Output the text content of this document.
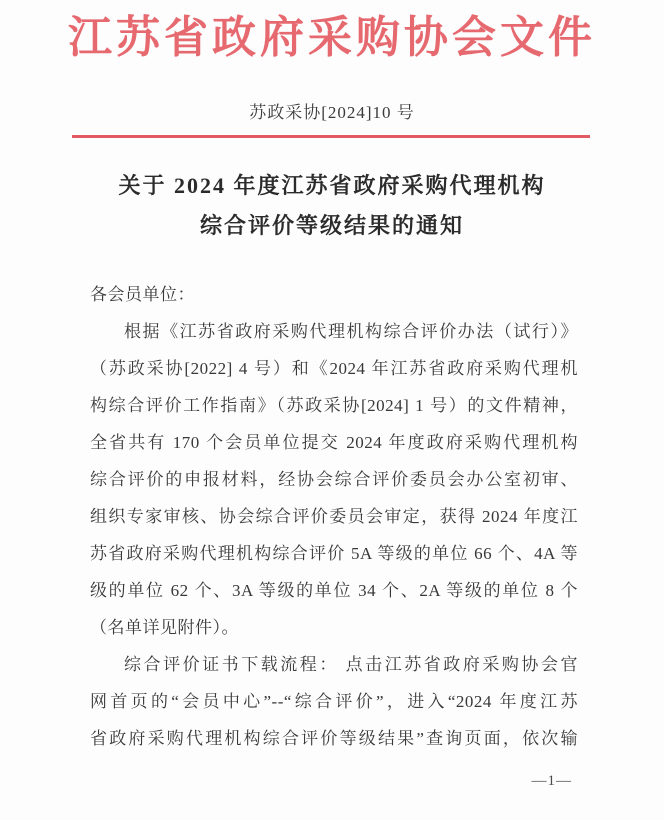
江苏省政府采购协会文件
苏政采协[2024]10 号
关于 2024 年度江苏省政府采购代理机构
综合评价等级结果的通知
各会员单位：
根据《江苏省政府采购代理机构综合评价办法（试行）》
（苏政采协[2022] 4 号）和《2024 年江苏省政府采购代理机
构综合评价工作指南》（苏政采协[2024] 1 号）的文件精神，
全省共有 170 个会员单位提交 2024 年度政府采购代理机构
综合评价的申报材料，经协会综合评价委员会办公室初审、
组织专家审核、协会综合评价委员会审定，获得 2024 年度江
苏省政府采购代理机构综合评价 5A 等级的单位 66 个、4A 等
级的单位 62 个、3A 等级的单位 34 个、2A 等级的单位 8 个
（名单详见附件）。
综合评价证书下载流程： 点击江苏省政府采购协会官
网首页的“会员中心”--“综合评价”，进入“2024 年度江苏
省政府采购代理机构综合评价等级结果”查询页面，依次输
—1—
